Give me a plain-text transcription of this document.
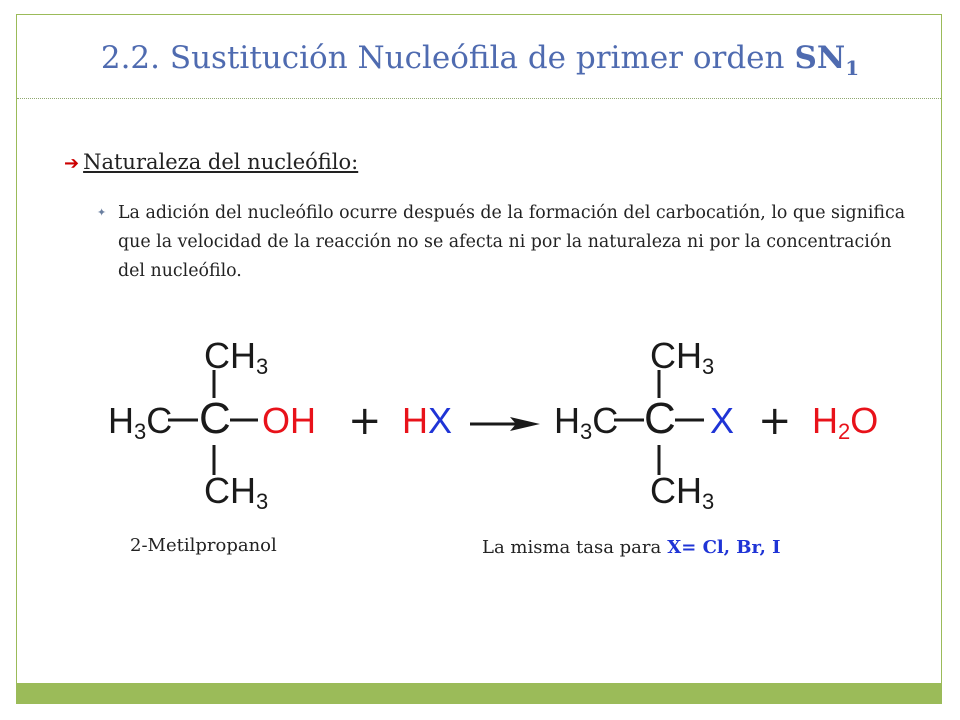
2.2. Sustitución Nucleófila de primer orden $SN_1$
➔ Naturaleza del nucleófilo:
✦ La adición del nucleófilo ocurre después de la formación del carbocatión, lo que significa que la velocidad de la reacción no se afecta ni por la naturaleza ni por la concentración del nucleófilo.
$CH_3$
$H_3C$ C OH
$CH_3$
+ HX
$CH_3$
$H_3C$ C X
$CH_3$
+ $H_2O$
2-Metilpropanol	La misma tasa para X= Cl, Br, I
